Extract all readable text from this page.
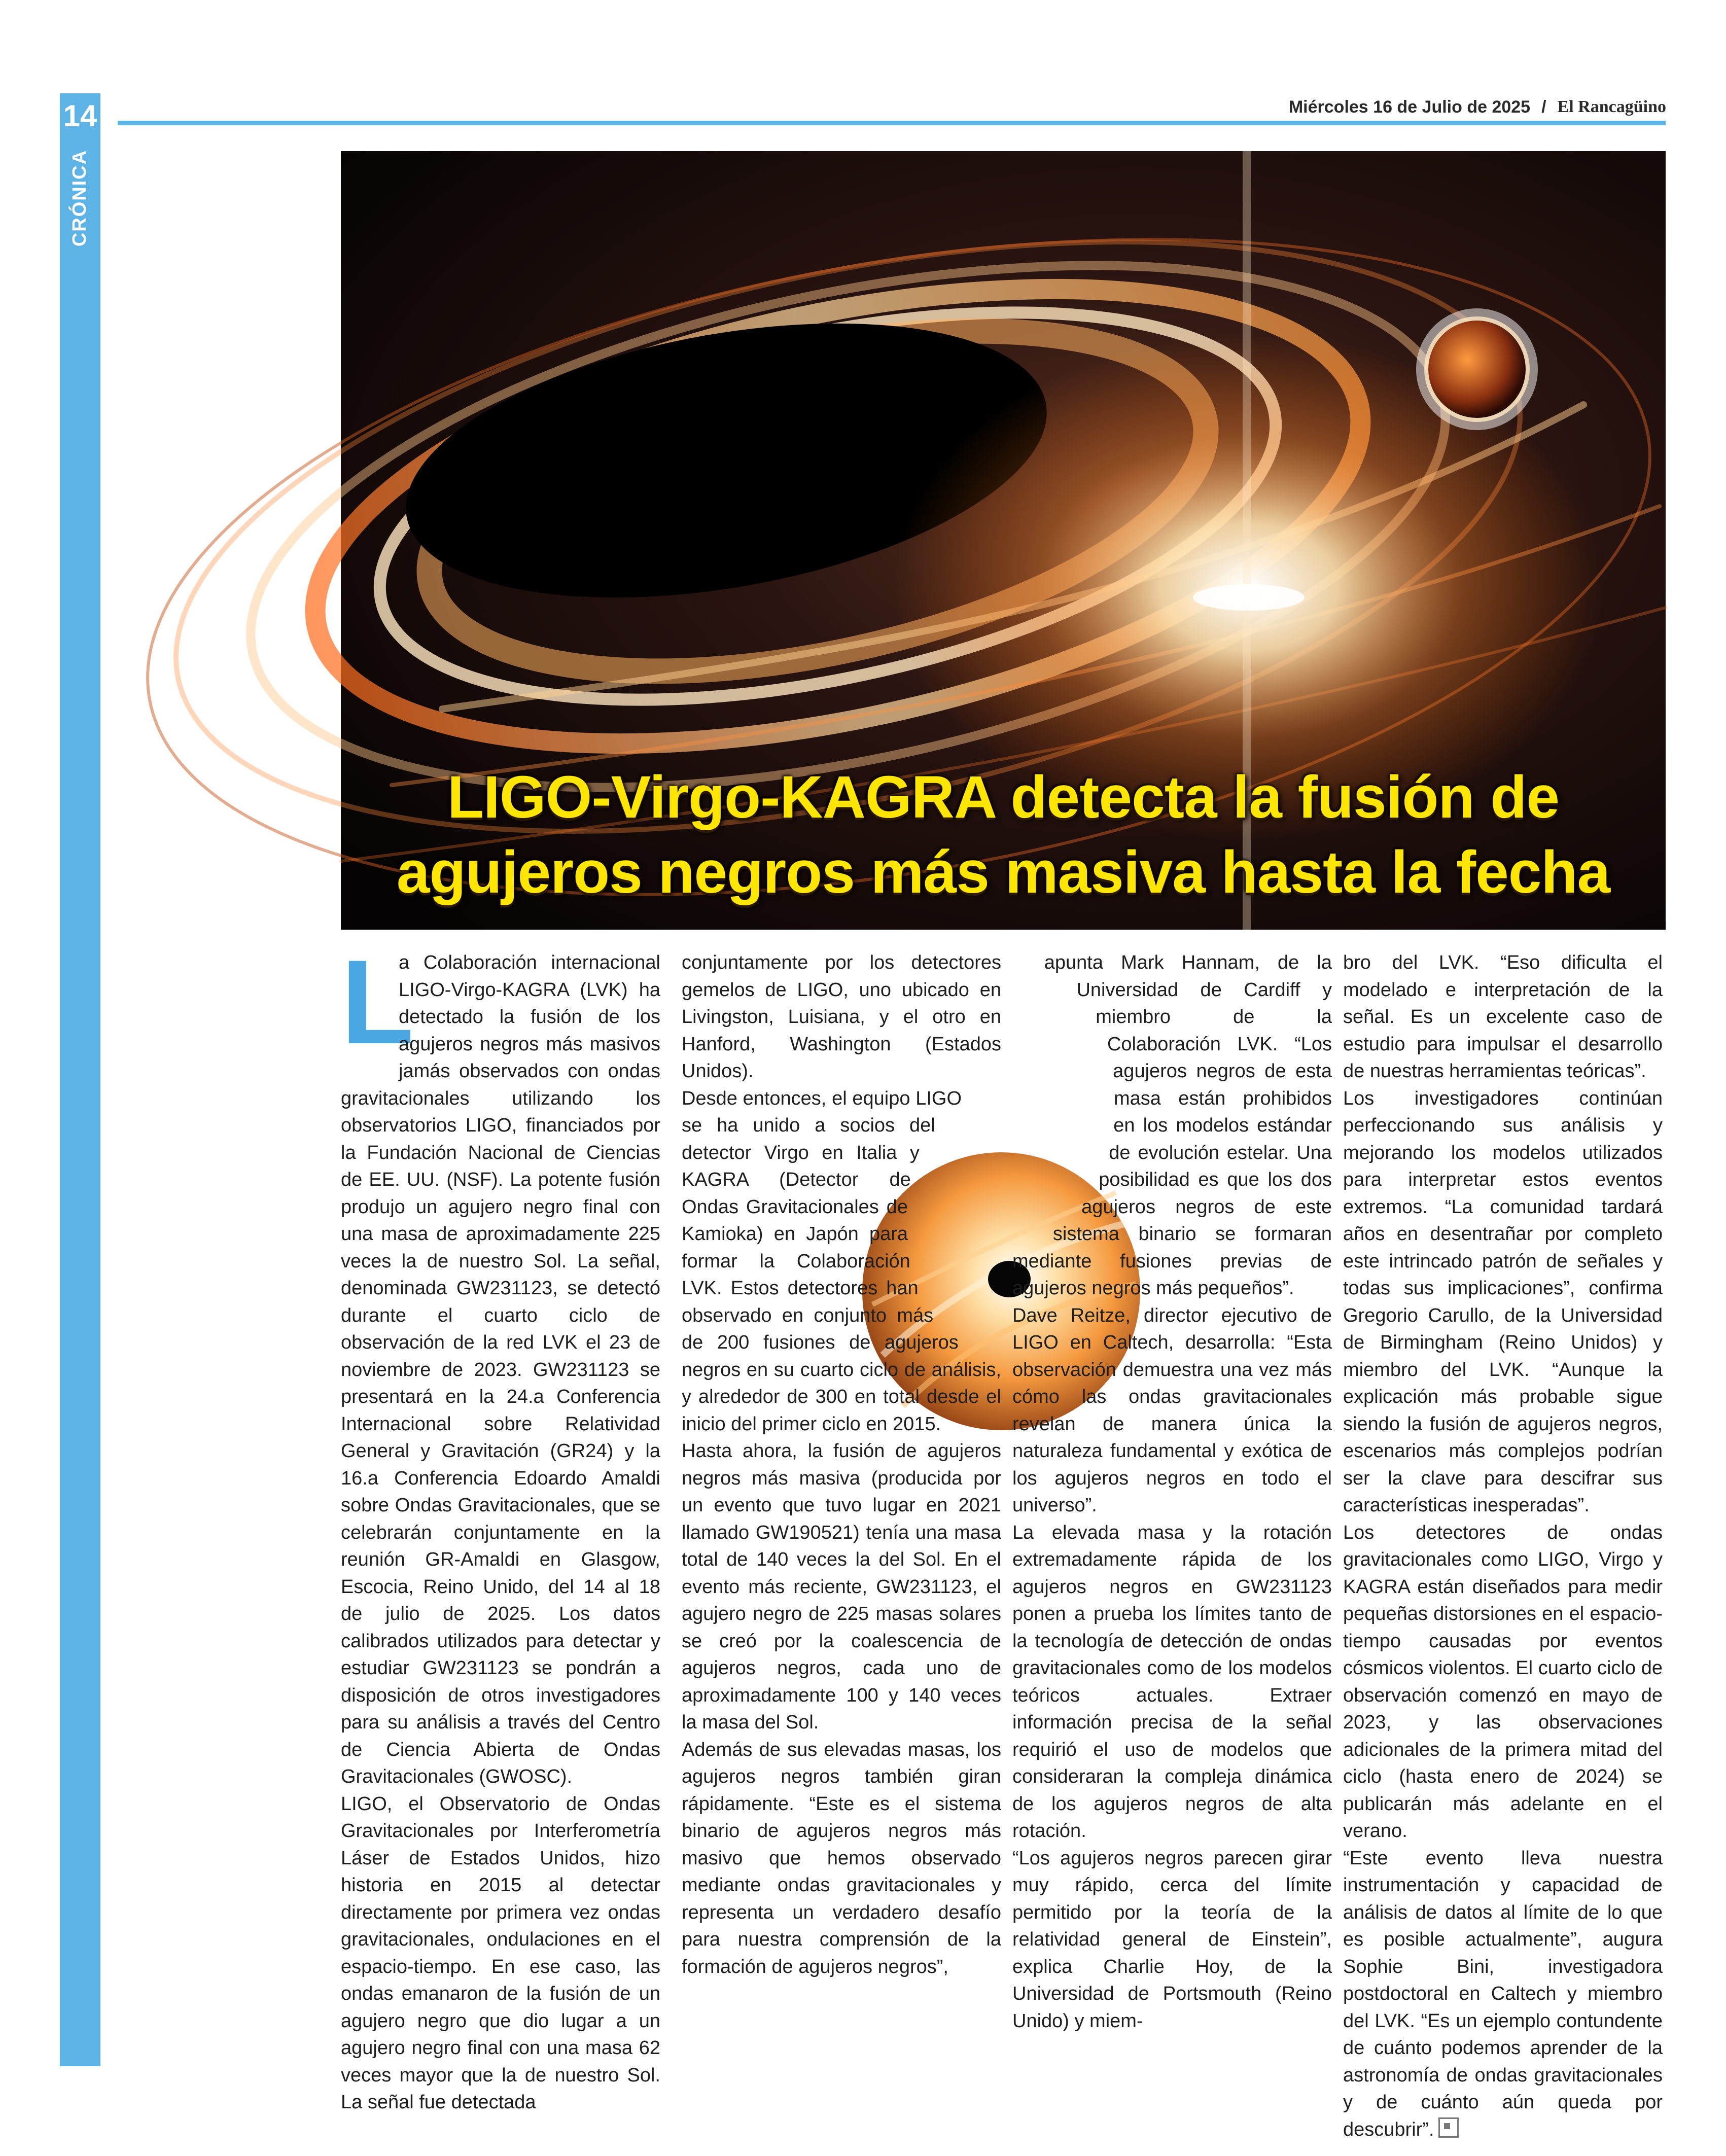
14
CRÓNICA
Miércoles 16 de Julio de 2025 / El Rancagüino
LIGO-Virgo-KAGRA detecta la fusión de
agujeros negros más masiva hasta la fecha
L

a Colaboración internacional LIGO-Virgo-KAGRA (LVK) ha detectado la fusión de los agujeros negros más masivos jamás observados con ondas gravitacionales utilizando los observatorios LIGO, financiados por la Fundación Nacional de Ciencias de EE. UU. (NSF). La potente fusión produjo un agujero negro final con una masa de aproximadamente 225 veces la de nuestro Sol. La señal, denominada GW231123, se detectó durante el cuarto ciclo de observación de la red LVK el 23 de noviembre de 2023. GW231123 se presentará en la 24.a Conferencia Internacional sobre Relatividad General y Gravitación (GR24) y la 16.a Conferencia Edoardo Amaldi sobre Ondas Gravitacionales, que se celebrarán conjuntamente en la reunión GR-Amaldi en Glasgow, Escocia, Reino Unido, del 14 al 18 de julio de 2025. Los datos calibrados utilizados para detectar y estudiar GW231123 se pondrán a disposición de otros investigadores para su análisis a través del Centro de Ciencia Abierta de Ondas Gravitacionales (GWOSC).

LIGO, el Observatorio de Ondas Gravitacionales por Interferometría Láser de Estados Unidos, hizo historia en 2015 al detectar directamente por primera vez ondas gravitacionales, ondulaciones en el espacio-tiempo. En ese caso, las ondas emanaron de la fusión de un agujero negro que dio lugar a un agujero negro final con una masa 62 veces mayor que la de nuestro Sol. La señal fue detectada

conjuntamente por los detectores gemelos de LIGO, uno ubicado en Livingston, Luisiana, y el otro en Hanford, Washington (Estados Unidos).

Desde entonces, el equipo LIGO se ha unido a socios del detector Virgo en Italia y KAGRA (Detector de Ondas Gravitacionales de Kamioka) en Japón para formar la Colaboración LVK. Estos detectores han observado en conjunto más de 200 fusiones de agujeros negros en su cuarto ciclo de análisis, y alrededor de 300 en total desde el inicio del primer ciclo en 2015.

Hasta ahora, la fusión de agujeros negros más masiva (producida por un evento que tuvo lugar en 2021 llamado GW190521) tenía una masa total de 140 veces la del Sol. En el evento más reciente, GW231123, el agujero negro de 225 masas solares se creó por la coalescencia de agujeros negros, cada uno de aproximadamente 100 y 140 veces la masa del Sol.

Además de sus elevadas masas, los agujeros negros también giran rápidamente. “Este es el sistema binario de agujeros negros más masivo que hemos observado mediante ondas gravitacionales y representa un verdadero desafío para nuestra comprensión de la formación de agujeros negros”,

apunta Mark Hannam, de la Universidad de Cardiff y miembro de la Colaboración LVK. “Los agujeros negros de esta masa están prohibidos en los modelos estándar de evolución estelar. Una posibilidad es que los dos agujeros negros de este sistema binario se formaran mediante fusiones previas de agujeros negros más pequeños”.

Dave Reitze, director ejecutivo de LIGO en Caltech, desarrolla: “Esta observación demuestra una vez más cómo las ondas gravitacionales revelan de manera única la naturaleza fundamental y exótica de los agujeros negros en todo el universo”.

La elevada masa y la rotación extremadamente rápida de los agujeros negros en GW231123 ponen a prueba los límites tanto de la tecnología de detección de ondas gravitacionales como de los modelos teóricos actuales. Extraer información precisa de la señal requirió el uso de modelos que consideraran la compleja dinámica de los agujeros negros de alta rotación.

“Los agujeros negros parecen girar muy rápido, cerca del límite permitido por la teoría de la relatividad general de Einstein”, explica Charlie Hoy, de la Universidad de Portsmouth (Reino Unido) y miem-

bro del LVK. “Eso dificulta el modelado e interpretación de la señal. Es un excelente caso de estudio para impulsar el desarrollo de nuestras herramientas teóricas”.

Los investigadores continúan perfeccionando sus análisis y mejorando los modelos utilizados para interpretar estos eventos extremos. “La comunidad tardará años en desentrañar por completo este intrincado patrón de señales y todas sus implicaciones”, confirma Gregorio Carullo, de la Universidad de Birmingham (Reino Unidos) y miembro del LVK. “Aunque la explicación más probable sigue siendo la fusión de agujeros negros, escenarios más complejos podrían ser la clave para descifrar sus características inesperadas”.

Los detectores de ondas gravitacionales como LIGO, Virgo y KAGRA están diseñados para medir pequeñas distorsiones en el espacio-tiempo causadas por eventos cósmicos violentos. El cuarto ciclo de observación comenzó en mayo de 2023, y las observaciones adicionales de la primera mitad del ciclo (hasta enero de 2024) se publicarán más adelante en el verano.

“Este evento lleva nuestra instrumentación y capacidad de análisis de datos al límite de lo que es posible actualmente”, augura Sophie Bini, investigadora postdoctoral en Caltech y miembro del LVK. “Es un ejemplo contundente de cuánto podemos aprender de la astronomía de ondas gravitacionales y de cuánto aún queda por descubrir”.
